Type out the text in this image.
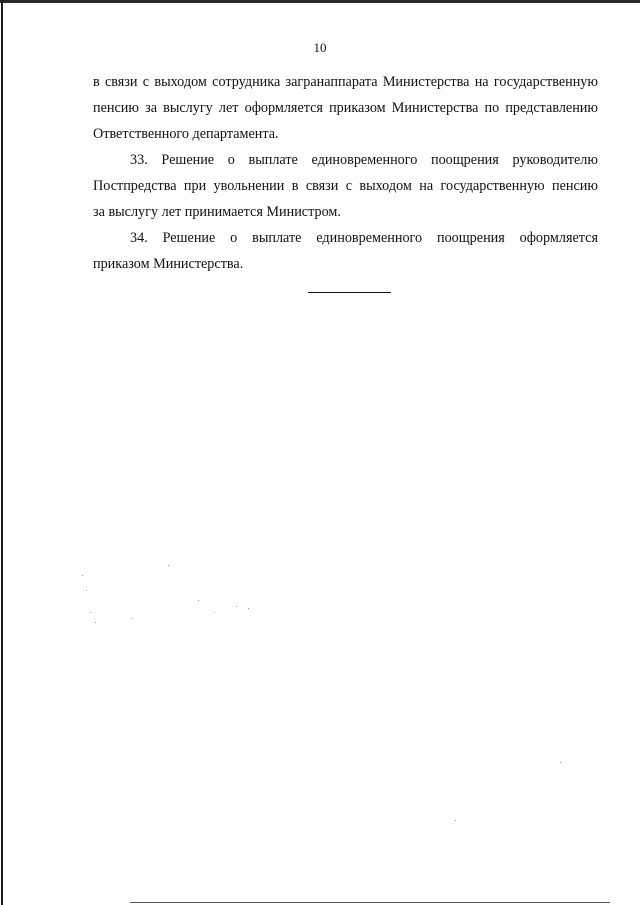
10
в связи с выходом сотрудника загранаппарата Министерства на государственную
пенсию за выслугу лет оформляется приказом Министерства по представлению
Ответственного департамента.
33. Решение о выплате единовременного поощрения руководителю
Постпредства при увольнении в связи с выходом на государственную пенсию
за выслугу лет принимается Министром.
34. Решение о выплате единовременного поощрения оформляется
приказом Министерства.
